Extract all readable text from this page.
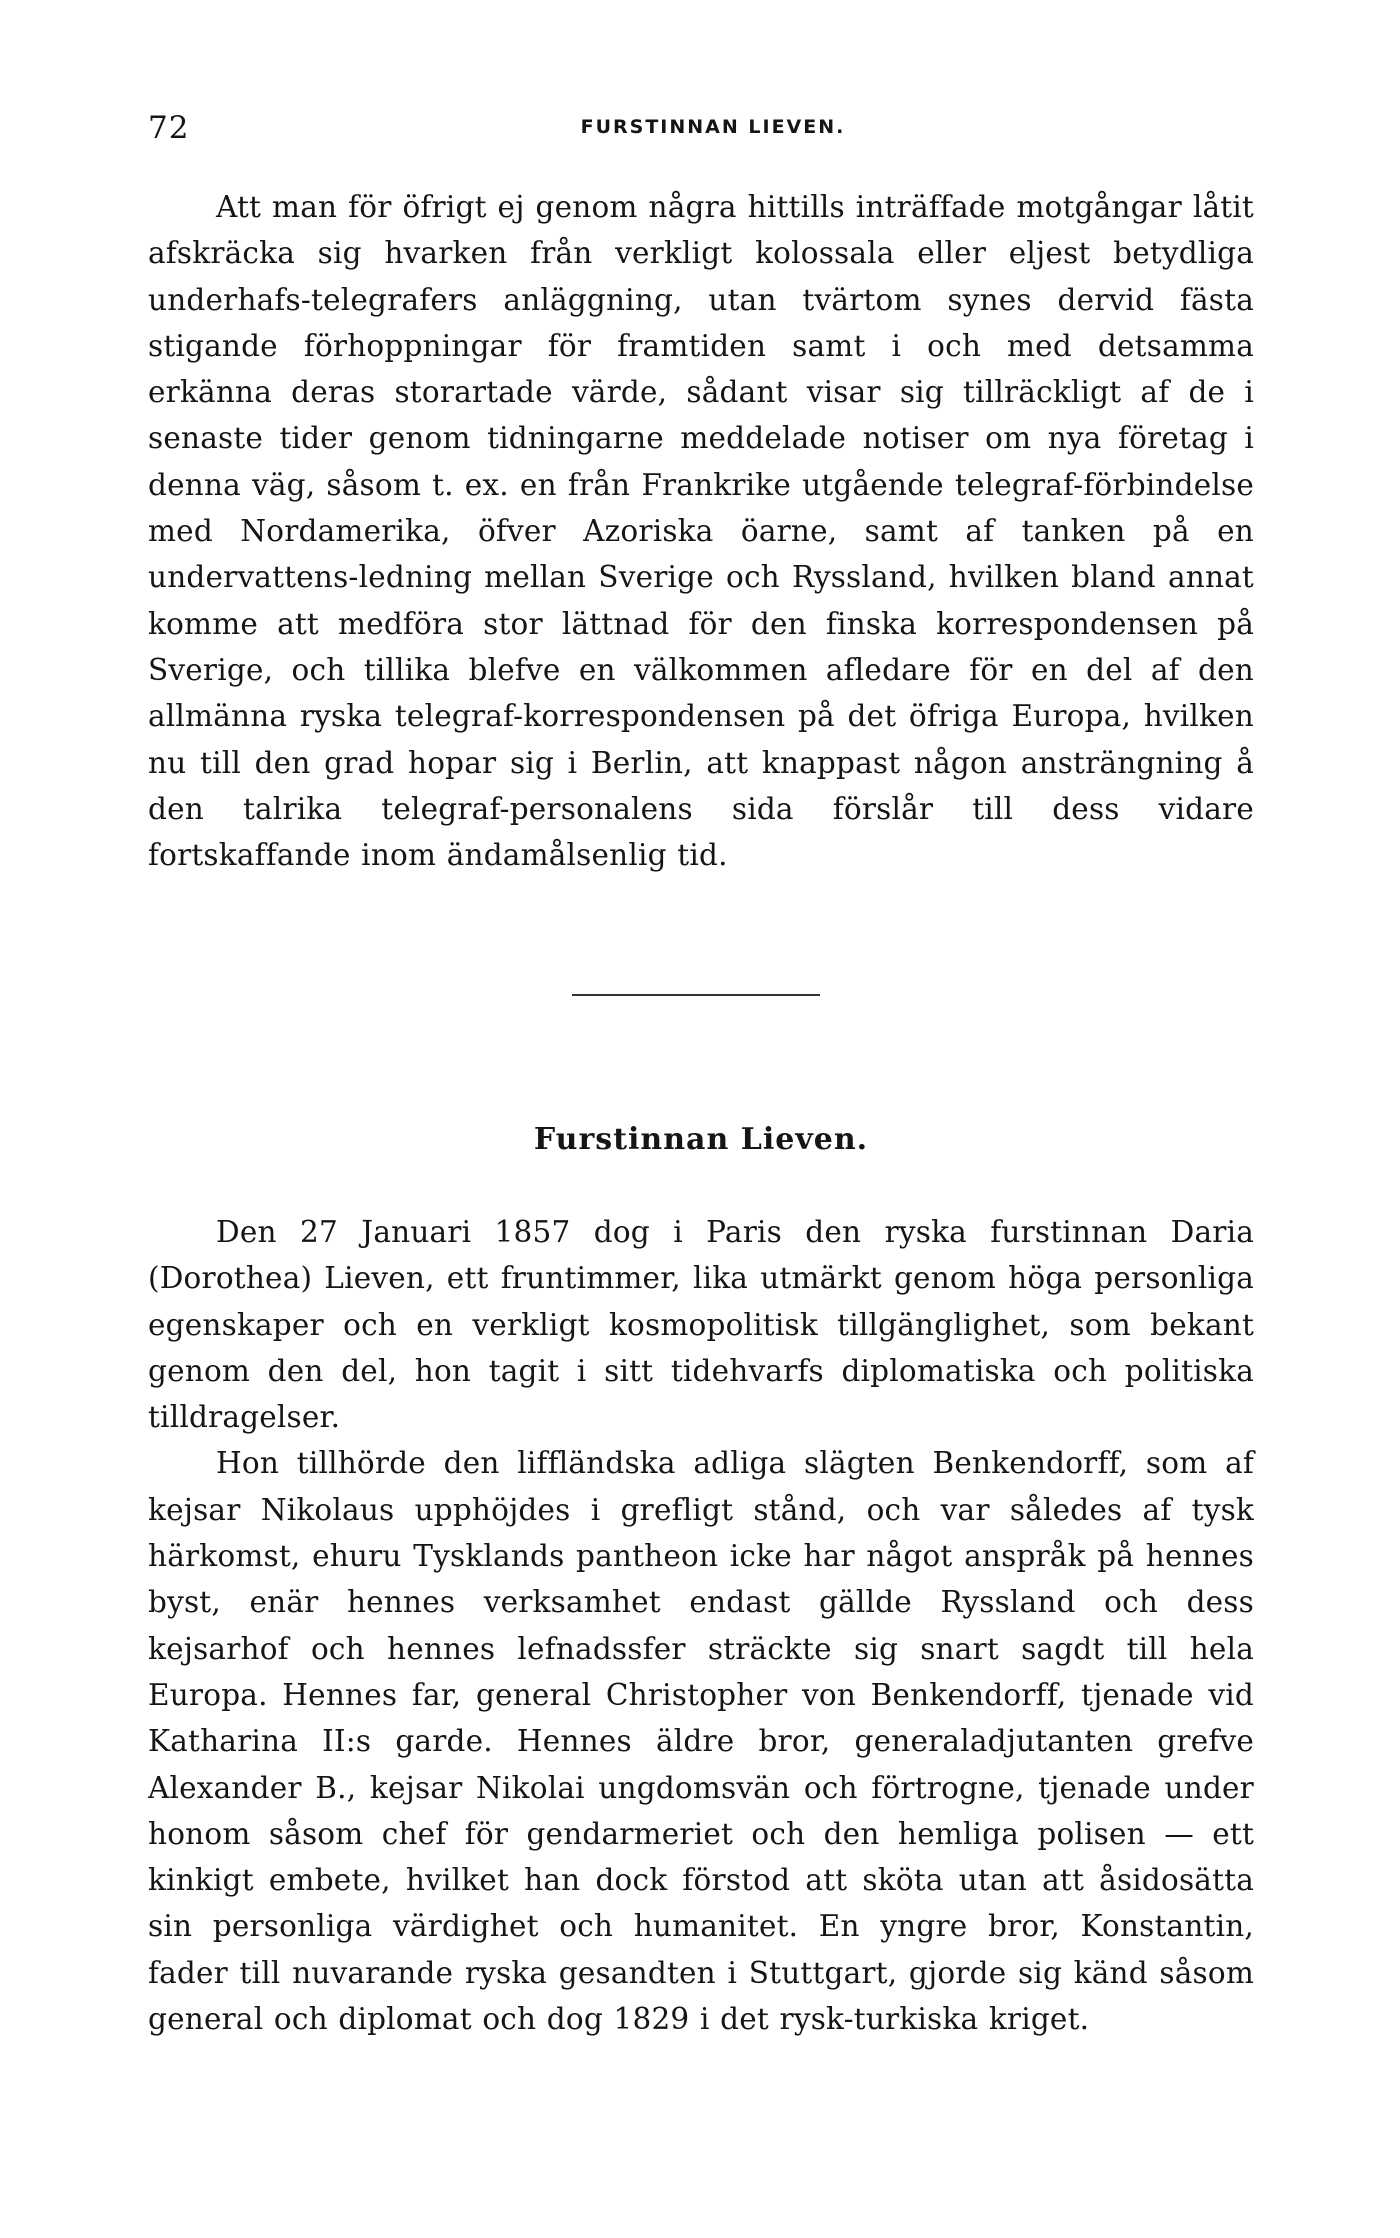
72	FURSTINNAN LIEVEN.

Att man för öfrigt ej genom några hittills inträffade motgångar låtit afskräcka sig hvarken från verkligt kolossala eller eljest betydliga underhafs-telegrafers anläggning, utan tvärtom synes dervid fästa stigande förhoppningar för framtiden samt i och med detsamma erkänna deras storartade värde, sådant visar sig tillräckligt af de i senaste tider genom tidningarne meddelade notiser om nya företag i denna väg, såsom t. ex. en från Frankrike utgående telegraf-förbindelse med Nordamerika, öfver Azoriska öarne, samt af tanken på en undervattens-ledning mellan Sverige och Ryssland, hvilken bland annat komme att medföra stor lättnad för den finska korrespondensen på Sverige, och tillika blefve en välkommen afledare för en del af den allmänna ryska telegraf-korrespondensen på det öfriga Europa, hvilken nu till den grad hopar sig i Berlin, att knappast någon ansträngning å den talrika telegraf-personalens sida förslår till dess vidare fortskaffande inom ändamålsenlig tid.

Furstinnan Lieven.

Den 27 Januari 1857 dog i Paris den ryska furstinnan Daria (Dorothea) Lieven, ett fruntimmer, lika utmärkt genom höga personliga egenskaper och en verkligt kosmopolitisk tillgänglighet, som bekant genom den del, hon tagit i sitt tidehvarfs diplomatiska och politiska tilldragelser.

Hon tillhörde den liffländska adliga slägten Benkendorff, som af kejsar Nikolaus upphöjdes i grefligt stånd, och var således af tysk härkomst, ehuru Tysklands pantheon icke har något anspråk på hennes byst, enär hennes verksamhet endast gällde Ryssland och dess kejsarhof och hennes lefnadssfer sträckte sig snart sagdt till hela Europa. Hennes far, general Christopher von Benkendorff, tjenade vid Katharina II:s garde. Hennes äldre bror, generaladjutanten grefve Alexander B., kejsar Nikolai ungdomsvän och förtrogne, tjenade under honom såsom chef för gendarmeriet och den hemliga polisen — ett kinkigt embete, hvilket han dock förstod att sköta utan att åsidosätta sin personliga värdighet och humanitet. En yngre bror, Konstantin, fader till nuvarande ryska gesandten i Stuttgart, gjorde sig känd såsom general och diplomat och dog 1829 i det rysk-turkiska kriget.
